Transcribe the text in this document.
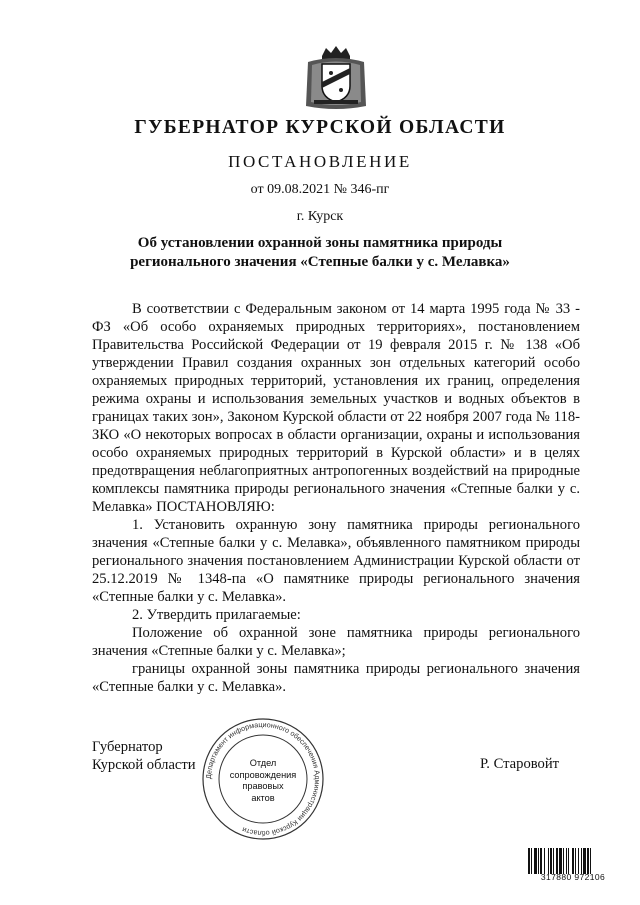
ГУБЕРНАТОР КУРСКОЙ ОБЛАСТИ
ПОСТАНОВЛЕНИЕ
от 09.08.2021 № 346-пг
г. Курск
Об установлении охранной зоны памятника природы
регионального значения «Степные балки у с. Мелавка»

В соответствии с Федеральным законом от 14 марта 1995 года № 33 - ФЗ «Об особо охраняемых природных территориях», постановлением Правительства Российской Федерации от 19 февраля 2015 г. № 138 «Об утверждении Правил создания охранных зон отдельных категорий особо охраняемых природных территорий, установления их границ, определения режима охраны и использования земельных участков и водных объектов в границах таких зон», Законом Курской области от 22 ноября 2007 года № 118-ЗКО «О некоторых вопросах в области организации, охраны и использования особо охраняемых природных территорий в Курской области» и в целях предотвращения неблагоприятных антропогенных воздействий на природные комплексы памятника природы регионального значения «Степные балки у с. Мелавка» ПОСТАНОВЛЯЮ:

1. Установить охранную зону памятника природы регионального значения «Степные балки у с. Мелавка», объявленного памятником природы регионального значения постановлением Администрации Курской области от 25.12.2019 № 1348-па «О памятнике природы регионального значения «Степные балки у с. Мелавка».

2. Утвердить прилагаемые:

Положение об охранной зоне памятника природы регионального значения «Степные балки у с. Мелавка»;

границы охранной зоны памятника природы регионального значения «Степные балки у с. Мелавка».

Губернатор
Курской области	Р. Старовойт
Департамент информационного обеспечения Администрации Курской области
Отдел
сопровождения
правовых
актов
317880 972106
